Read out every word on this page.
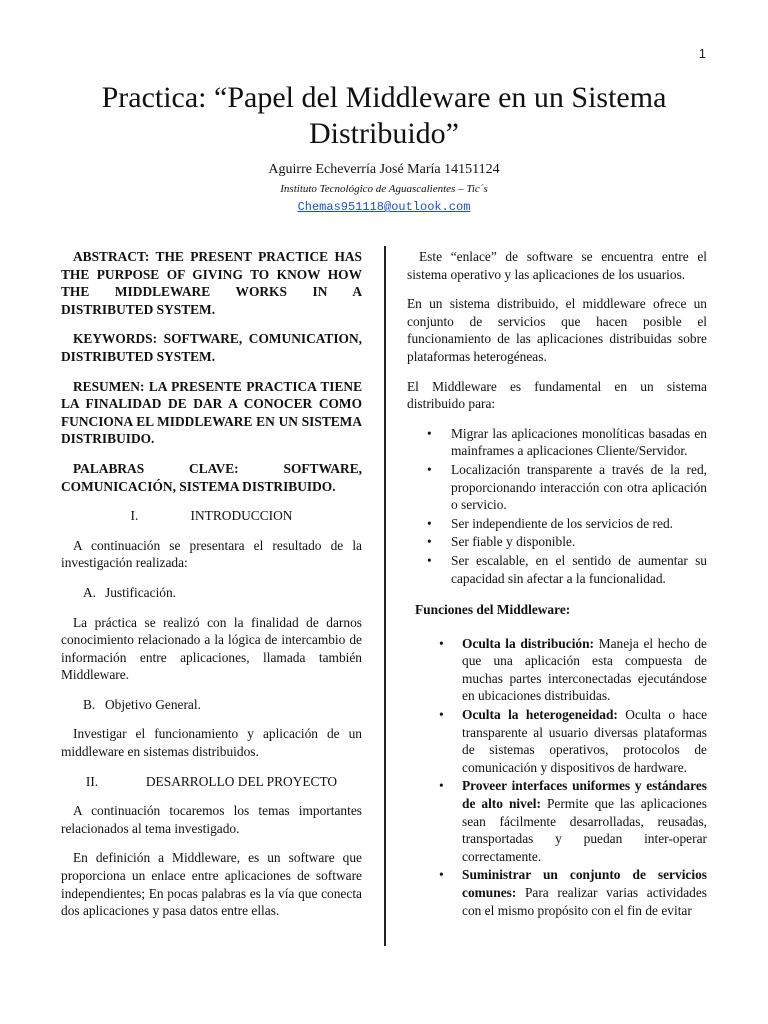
1
Practica: “Papel del Middleware en un Sistema Distribuido”
Aguirre Echeverría José María 14151124
Instituto Tecnológico de Aguascalientes – Tic´s
Chemas951118@outlook.com

ABSTRACT: THE PRESENT PRACTICE HAS THE PURPOSE OF GIVING TO KNOW HOW THE MIDDLEWARE WORKS IN A DISTRIBUTED SYSTEM.

KEYWORDS: SOFTWARE, COMUNICATION, DISTRIBUTED SYSTEM.

RESUMEN: LA PRESENTE PRACTICA TIENE LA FINALIDAD DE DAR A CONOCER COMO FUNCIONA EL MIDDLEWARE EN UN SISTEMA DISTRIBUIDO.

PALABRAS CLAVE: SOFTWARE, COMUNICACIÓN, SISTEMA DISTRIBUIDO.

I.	INTRODUCCION

A continuación se presentara el resultado de la investigación realizada:

A. Justificación.

La práctica se realizó con la finalidad de darnos conocimiento relacionado a la lógica de intercambio de información entre aplicaciones, llamada también Middleware.

B. Objetivo General.

Investigar el funcionamiento y aplicación de un middleware en sistemas distribuidos.

II.	DESARROLLO DEL PROYECTO

A continuación tocaremos los temas importantes relacionados al tema investigado.

En definición a Middleware, es un software que proporciona un enlace entre aplicaciones de software independientes; En pocas palabras es la vía que conecta dos aplicaciones y pasa datos entre ellas.

Este “enlace” de software se encuentra entre el sistema operativo y las aplicaciones de los usuarios.

En un sistema distribuido, el middleware ofrece un conjunto de servicios que hacen posible el funcionamiento de las aplicaciones distribuidas sobre plataformas heterogéneas.

El Middleware es fundamental en un sistema distribuido para:

• Migrar las aplicaciones monolíticas basadas en mainframes a aplicaciones Cliente/Servidor.
• Localización transparente a través de la red, proporcionando interacción con otra aplicación o servicio.
• Ser independiente de los servicios de red.
• Ser fiable y disponible.
• Ser escalable, en el sentido de aumentar su capacidad sin afectar a la funcionalidad.

Funciones del Middleware:

• Oculta la distribución: Maneja el hecho de que una aplicación esta compuesta de muchas partes interconectadas ejecutándose en ubicaciones distribuidas.
• Oculta la heterogeneidad: Oculta o hace transparente al usuario diversas plataformas de sistemas operativos, protocolos de comunicación y dispositivos de hardware.
• Proveer interfaces uniformes y estándares de alto nivel: Permite que las aplicaciones sean fácilmente desarrolladas, reusadas, transportadas y puedan inter-operar correctamente.
• Suministrar un conjunto de servicios comunes: Para realizar varias actividades con el mismo propósito con el fin de evitar
